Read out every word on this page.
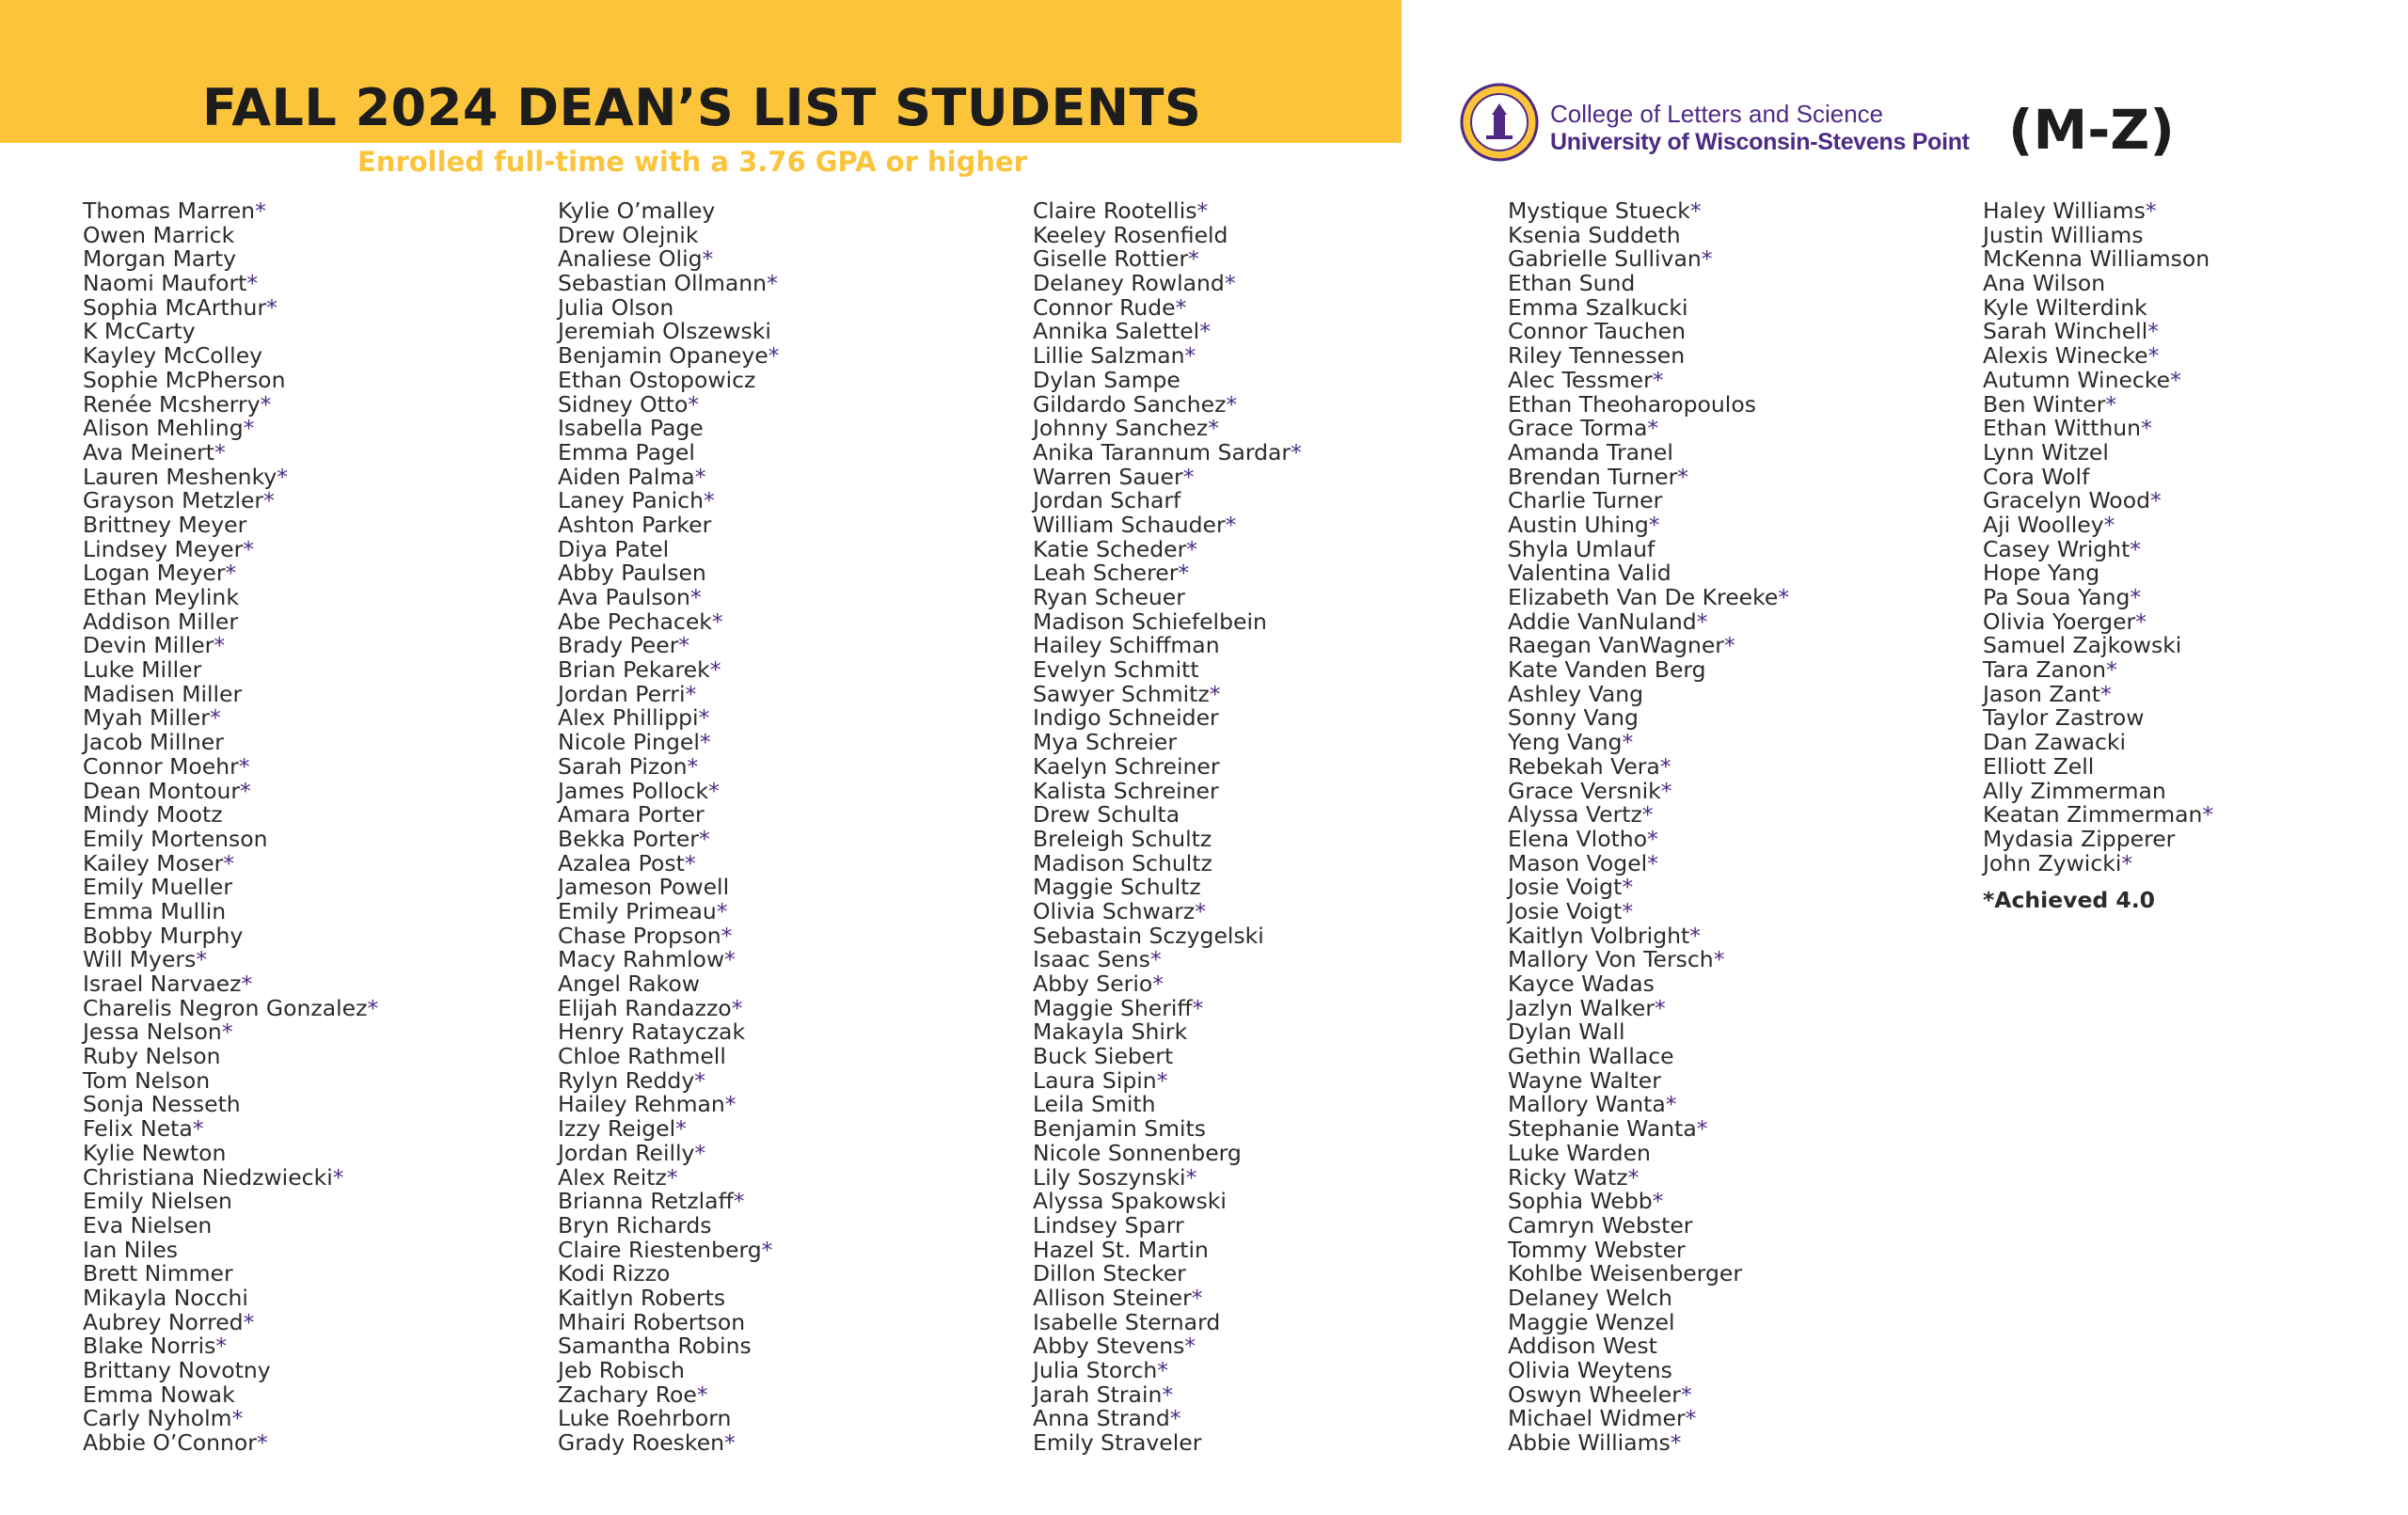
FALL 2024 DEAN’S LIST STUDENTS
Enrolled full-time with a 3.76 GPA or higher
College of Letters and Science
University of Wisconsin-Stevens Point (M-Z)
Thomas Marren*
Owen Marrick
Morgan Marty
Naomi Maufort*
Sophia McArthur*
K McCarty
Kayley McColley
Sophie McPherson
Renée Mcsherry*
Alison Mehling*
Ava Meinert*
Lauren Meshenky*
Grayson Metzler*
Brittney Meyer
Lindsey Meyer*
Logan Meyer*
Ethan Meylink
Addison Miller
Devin Miller*
Luke Miller
Madisen Miller
Myah Miller*
Jacob Millner
Connor Moehr*
Dean Montour*
Mindy Mootz
Emily Mortenson
Kailey Moser*
Emily Mueller
Emma Mullin
Bobby Murphy
Will Myers*
Israel Narvaez*
Charelis Negron Gonzalez*
Jessa Nelson*
Ruby Nelson
Tom Nelson
Sonja Nesseth
Felix Neta*
Kylie Newton
Christiana Niedzwiecki*
Emily Nielsen
Eva Nielsen
Ian Niles
Brett Nimmer
Mikayla Nocchi
Aubrey Norred*
Blake Norris*
Brittany Novotny
Emma Nowak
Carly Nyholm*
Abbie O’Connor*
Kylie O’malley
Drew Olejnik
Analiese Olig*
Sebastian Ollmann*
Julia Olson
Jeremiah Olszewski
Benjamin Opaneye*
Ethan Ostopowicz
Sidney Otto*
Isabella Page
Emma Pagel
Aiden Palma*
Laney Panich*
Ashton Parker
Diya Patel
Abby Paulsen
Ava Paulson*
Abe Pechacek*
Brady Peer*
Brian Pekarek*
Jordan Perri*
Alex Phillippi*
Nicole Pingel*
Sarah Pizon*
James Pollock*
Amara Porter
Bekka Porter*
Azalea Post*
Jameson Powell
Emily Primeau*
Chase Propson*
Macy Rahmlow*
Angel Rakow
Elijah Randazzo*
Henry Ratayczak
Chloe Rathmell
Rylyn Reddy*
Hailey Rehman*
Izzy Reigel*
Jordan Reilly*
Alex Reitz*
Brianna Retzlaff*
Bryn Richards
Claire Riestenberg*
Kodi Rizzo
Kaitlyn Roberts
Mhairi Robertson
Samantha Robins
Jeb Robisch
Zachary Roe*
Luke Roehrborn
Grady Roesken*
Claire Rootellis*
Keeley Rosenfield
Giselle Rottier*
Delaney Rowland*
Connor Rude*
Annika Salettel*
Lillie Salzman*
Dylan Sampe
Gildardo Sanchez*
Johnny Sanchez*
Anika Tarannum Sardar*
Warren Sauer*
Jordan Scharf
William Schauder*
Katie Scheder*
Leah Scherer*
Ryan Scheuer
Madison Schiefelbein
Hailey Schiffman
Evelyn Schmitt
Sawyer Schmitz*
Indigo Schneider
Mya Schreier
Kaelyn Schreiner
Kalista Schreiner
Drew Schulta
Breleigh Schultz
Madison Schultz
Maggie Schultz
Olivia Schwarz*
Sebastain Sczygelski
Isaac Sens*
Abby Serio*
Maggie Sheriff*
Makayla Shirk
Buck Siebert
Laura Sipin*
Leila Smith
Benjamin Smits
Nicole Sonnenberg
Lily Soszynski*
Alyssa Spakowski
Lindsey Sparr
Hazel St. Martin
Dillon Stecker
Allison Steiner*
Isabelle Sternard
Abby Stevens*
Julia Storch*
Jarah Strain*
Anna Strand*
Emily Straveler
Mystique Stueck*
Ksenia Suddeth
Gabrielle Sullivan*
Ethan Sund
Emma Szalkucki
Connor Tauchen
Riley Tennessen
Alec Tessmer*
Ethan Theoharopoulos
Grace Torma*
Amanda Tranel
Brendan Turner*
Charlie Turner
Austin Uhing*
Shyla Umlauf
Valentina Valid
Elizabeth Van De Kreeke*
Addie VanNuland*
Raegan VanWagner*
Kate Vanden Berg
Ashley Vang
Sonny Vang
Yeng Vang*
Rebekah Vera*
Grace Versnik*
Alyssa Vertz*
Elena Vlotho*
Mason Vogel*
Josie Voigt*
Josie Voigt*
Kaitlyn Volbright*
Mallory Von Tersch*
Kayce Wadas
Jazlyn Walker*
Dylan Wall
Gethin Wallace
Wayne Walter
Mallory Wanta*
Stephanie Wanta*
Luke Warden
Ricky Watz*
Sophia Webb*
Camryn Webster
Tommy Webster
Kohlbe Weisenberger
Delaney Welch
Maggie Wenzel
Addison West
Olivia Weytens
Oswyn Wheeler*
Michael Widmer*
Abbie Williams*
Haley Williams*
Justin Williams
McKenna Williamson
Ana Wilson
Kyle Wilterdink
Sarah Winchell*
Alexis Winecke*
Autumn Winecke*
Ben Winter*
Ethan Witthun*
Lynn Witzel
Cora Wolf
Gracelyn Wood*
Aji Woolley*
Casey Wright*
Hope Yang
Pa Soua Yang*
Olivia Yoerger*
Samuel Zajkowski
Tara Zanon*
Jason Zant*
Taylor Zastrow
Dan Zawacki
Elliott Zell
Ally Zimmerman
Keatan Zimmerman*
Mydasia Zipperer
John Zywicki*
*Achieved 4.0
